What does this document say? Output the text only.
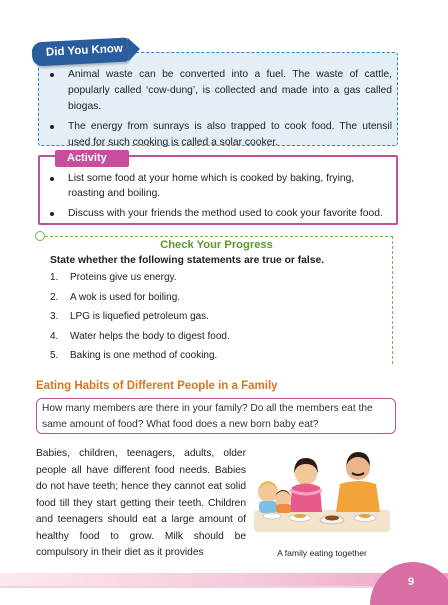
Did You Know
Animal waste can be converted into a fuel. The waste of cattle, popularly called ‘cow-dung’, is collected and made into a gas called biogas.
The energy from sunrays is also trapped to cook food. The utensil used for such cooking is called a solar cooker.
Activity
List some food at your home which is cooked by baking, frying, roasting and boiling.
Discuss with your friends the method used to cook your favorite food.
Check Your Progress
State whether the following statements are true or false.
1.	Proteins give us energy.
2.	A wok is used for boiling.
3.	LPG is liquefied petroleum gas.
4.	Water helps the body to digest food.
5.	Baking is one method of cooking.
Eating Habits of Different People in a Family
How many members are there in your family? Do all the members eat the same amount of food? What food does a new born baby eat?
Babies, children, teenagers, adults, older people all have different food needs. Babies do not have teeth; hence they cannot eat solid food till they start getting their teeth. Children and teenagers should eat a large amount of healthy food to grow. Milk should be compulsory in their diet as it provides	A family eating together
9
